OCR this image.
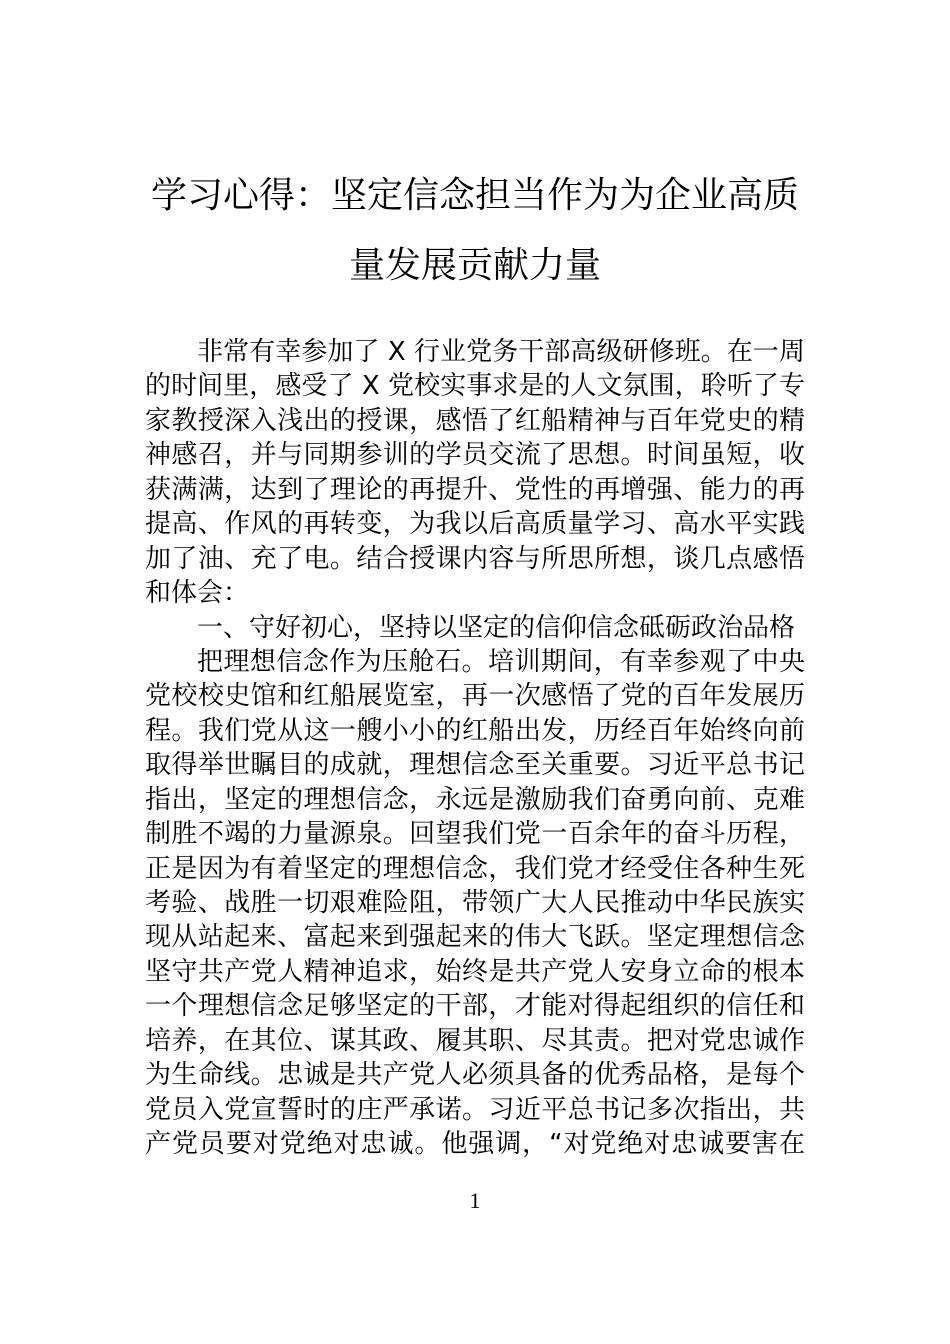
学习心得：坚定信念担当作为为企业高质
量发展贡献力量
非常有幸参加了 X 行业党务干部高级研修班。在一周
的时间里，感受了 X 党校实事求是的人文氛围，聆听了专
家教授深入浅出的授课，感悟了红船精神与百年党史的精
神感召，并与同期参训的学员交流了思想。时间虽短，收
获满满，达到了理论的再提升、党性的再增强、能力的再
提高、作风的再转变，为我以后高质量学习、高水平实践
加了油、充了电。结合授课内容与所思所想，谈几点感悟
和体会：
一、守好初心，坚持以坚定的信仰信念砥砺政治品格
把理想信念作为压舱石。培训期间，有幸参观了中央
党校校史馆和红船展览室，再一次感悟了党的百年发展历
程。我们党从这一艘小小的红船出发，历经百年始终向前
取得举世瞩目的成就，理想信念至关重要。习近平总书记
指出，坚定的理想信念，永远是激励我们奋勇向前、克难
制胜不竭的力量源泉。回望我们党一百余年的奋斗历程，
正是因为有着坚定的理想信念，我们党才经受住各种生死
考验、战胜一切艰难险阻，带领广大人民推动中华民族实
现从站起来、富起来到强起来的伟大飞跃。坚定理想信念
坚守共产党人精神追求，始终是共产党人安身立命的根本
一个理想信念足够坚定的干部，才能对得起组织的信任和
培养，在其位、谋其政、履其职、尽其责。把对党忠诚作
为生命线。忠诚是共产党人必须具备的优秀品格，是每个
党员入党宣誓时的庄严承诺。习近平总书记多次指出，共
产党员要对党绝对忠诚。他强调，“对党绝对忠诚要害在
1
